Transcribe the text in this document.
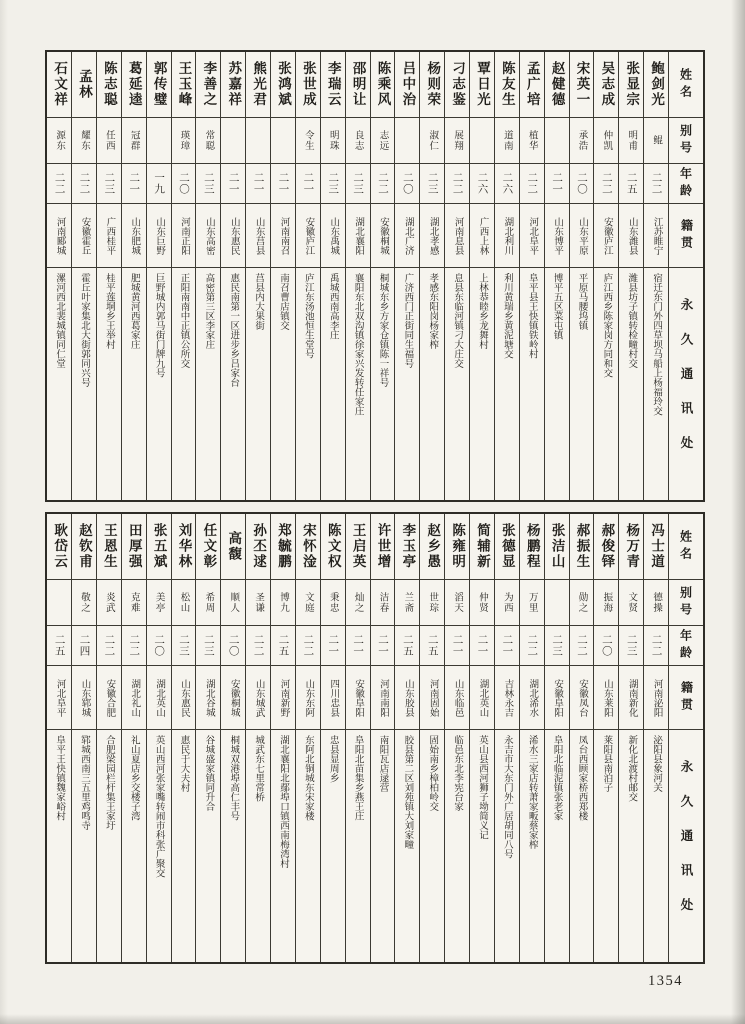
姓名
别号
年龄
籍贯
永久通讯处
鲍剑光
鲲
二二
江苏睢宁
宿迁东门外四草坝马船上杨福玲交
张显宗
明甫
二五
山东潍县
潍县坊子镇转检疃村交
吴志成
仲凯
二二
安徽庐江
庐江西乡陈家岗方同和交
宋英一
承浩
二〇
山东平原
平原马腰坞镇
赵健德
二一
山东博平
博平五区菜屯镇
孟广培
植华
二二
河北阜平
阜平县王快镇铁岭村
陈友生
道南
二六
湖北利川
利川黄瑞乡黄泥塘交
覃日光
二六
广西上林
上林恭睦乡龙舞村
刁志鉴
展翔
二二
河南息县
息县东临河镇刁大庄交
杨则荣
淑仁
二三
湖北孝感
孝感东阳岗杨家榨
吕中治
二〇
湖北广济
广济西门正街同生福号
陈乘风
志远
二二
安徽桐城
桐城东乡方家仓镇陈一祥号
邵明让
良志
二三
湖北襄阳
襄阳东北双沟镇徐家兴发转任家庄
李瑞云
明珠
二三
山东禹城
禹城西南高李庄
张世成
令生
二一
安徽庐江
庐江东汤池恒生堂号
张鸿斌
二一
河南南召
南召曹店镇交
熊光君
二一
山东莒县
莒县内大果街
苏嘉祥
二一
山东惠民
惠民南第一区进步乡吕家台
李善之
常聪
二三
山东高密
高密第三区李家庄
王玉峰
瑛璋
二〇
河南正阳
正阳南南中正镇公所交
郭传璧
一九
山东巨野
巨野城内郭马街门牌九号
葛延逵
冠群
二一
山东肥城
肥城黄河西葛家庄
陈志聪
任西
二三
广西桂平
桂平莲垌乡王举村
孟林
耀东
二二
安徽霍丘
霍丘叶家集北大街郭同兴号
石文祥
源东
二二
河南郾城
漯河西北裴城镇同仁堂
姓名
别号
年龄
籍贯
永久通讯处
冯士道
德操
二二
河南泌阳
泌阳县象河关
杨万青
文贤
二三
湖南新化
新化北渡村邮交
郝俊铎
振海
二〇
山东莱阳
莱阳县南泊子
郝振生
勋之
二二
安徽凤台
凤台西顾家桥西郑楼
张洁山
二三
安徽阜阳
阜阳北临泥镇张老家
杨鹏程
万里
二二
湖北浠水
浠水三家店转萧家畈蔡家榨
张德显
为西
二一
吉林永吉
永吉市大东门外广居胡同八号
简辅新
仲贤
二一
湖北英山
英山县西河狮子坳简义记
陈雍明
滔天
二一
山东临邑
临邑东北李宪台家
赵乡愚
世琮
二五
河南固始
固始南乡樟柏岭交
李玉亭
兰斋
二五
山东胶县
胶县第二区刘苑镇大刘家疃
许世增
洁春
二一
河南南阳
南阳瓦店逯营
王启英
灿之
二一
安徽阜阳
阜阳北苗集乡燕王庄
陈文权
秉忠
二一
四川忠县
忠县显周乡
宋怀淦
文庭
二二
山东东阿
东阿北铜城东宋家楼
郑毓鹏
博九
二五
河南新野
湖北襄阳北鄢埠口镇西南梅湾村
孙丕逑
圣谦
二二
山东城武
城武东七里常桥
高馥
顺人
二〇
安徽桐城
桐城双港埠高仁丰号
任文彰
希周
二三
湖北谷城
谷城盛家镇同升合
刘华林
松山
二三
山东惠民
惠民于大夫村
张五斌
美亭
二〇
湖北英山
英山西河张家嘴转闹市科张广聚交
田厚强
克难
二二
湖北礼山
礼山夏店乡交楼子湾
王恩生
炎武
二二
安徽合肥
合肥梁园栏杆集王家圩
赵钦甫
敬之
二四
山东郓城
郓城西南三五里鸡鸣寺
耿岱云
二五
河北阜平
阜平王快镇魏家峪村
1354
